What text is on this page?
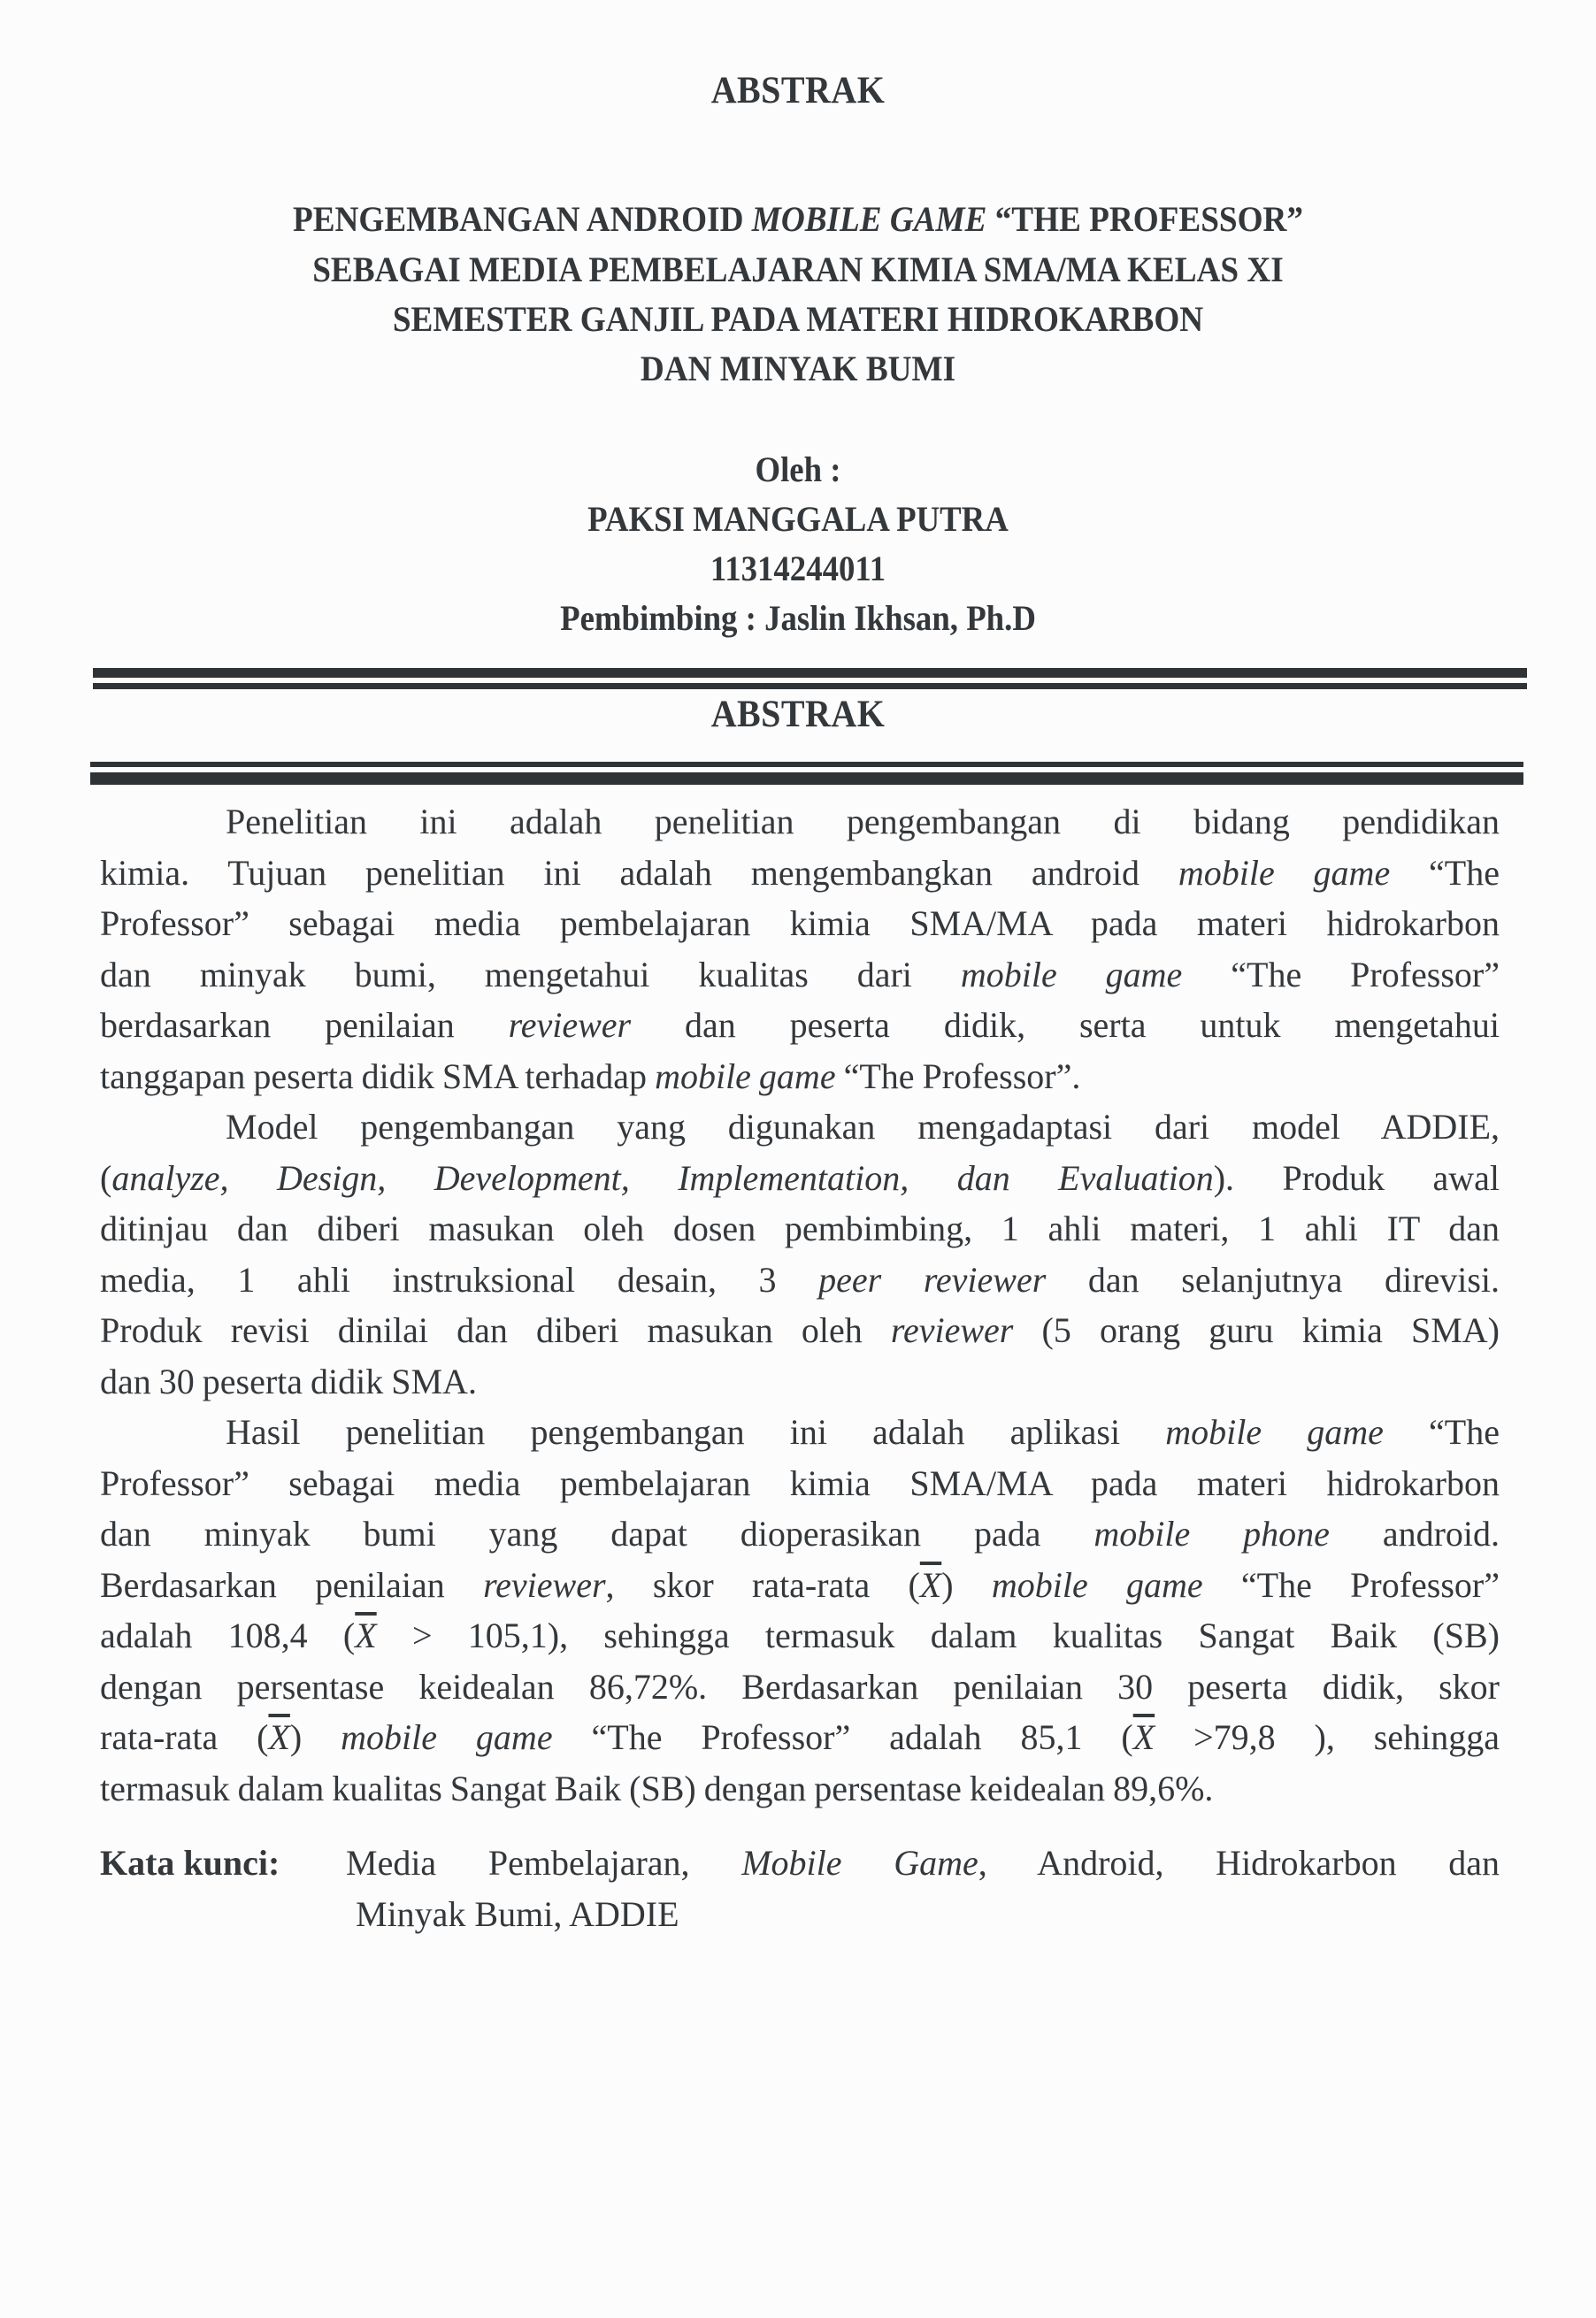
ABSTRAK
PENGEMBANGAN ANDROID MOBILE GAME “THE PROFESSOR”
SEBAGAI MEDIA PEMBELAJARAN KIMIA SMA/MA KELAS XI
SEMESTER GANJIL PADA MATERI HIDROKARBON
DAN MINYAK BUMI
Oleh :
PAKSI MANGGALA PUTRA
11314244011
Pembimbing : Jaslin Ikhsan, Ph.D
ABSTRAK
Penelitian ini adalah penelitian pengembangan di bidang pendidikan
kimia. Tujuan penelitian ini adalah mengembangkan android mobile game “The
Professor” sebagai media pembelajaran kimia SMA/MA pada materi hidrokarbon
dan minyak bumi, mengetahui kualitas dari mobile game “The Professor”
berdasarkan penilaian reviewer dan peserta didik, serta untuk mengetahui
tanggapan peserta didik SMA terhadap mobile game “The Professor”.
Model pengembangan yang digunakan mengadaptasi dari model ADDIE,
(analyze, Design, Development, Implementation, dan Evaluation). Produk awal
ditinjau dan diberi masukan oleh dosen pembimbing, 1 ahli materi, 1 ahli IT dan
media, 1 ahli instruksional desain, 3 peer reviewer dan selanjutnya direvisi.
Produk revisi dinilai dan diberi masukan oleh reviewer (5 orang guru kimia SMA)
dan 30 peserta didik SMA.
Hasil penelitian pengembangan ini adalah aplikasi mobile game “The
Professor” sebagai media pembelajaran kimia SMA/MA pada materi hidrokarbon
dan minyak bumi yang dapat dioperasikan pada mobile phone android.
Berdasarkan penilaian reviewer, skor rata-rata $(\overline{X})$ mobile game “The Professor”
adalah 108,4 $(\overline{X} > 105,1)$, sehingga termasuk dalam kualitas Sangat Baik (SB)
dengan persentase keidealan 86,72%. Berdasarkan penilaian 30 peserta didik, skor
rata-rata $(\overline{X})$ mobile game “The Professor” adalah 85,1 ($\overline{X} >79,8$ ), sehingga
termasuk dalam kualitas Sangat Baik (SB) dengan persentase keidealan 89,6%.
Kata kunci: Media Pembelajaran, Mobile Game, Android, Hidrokarbon dan
Minyak Bumi, ADDIE
